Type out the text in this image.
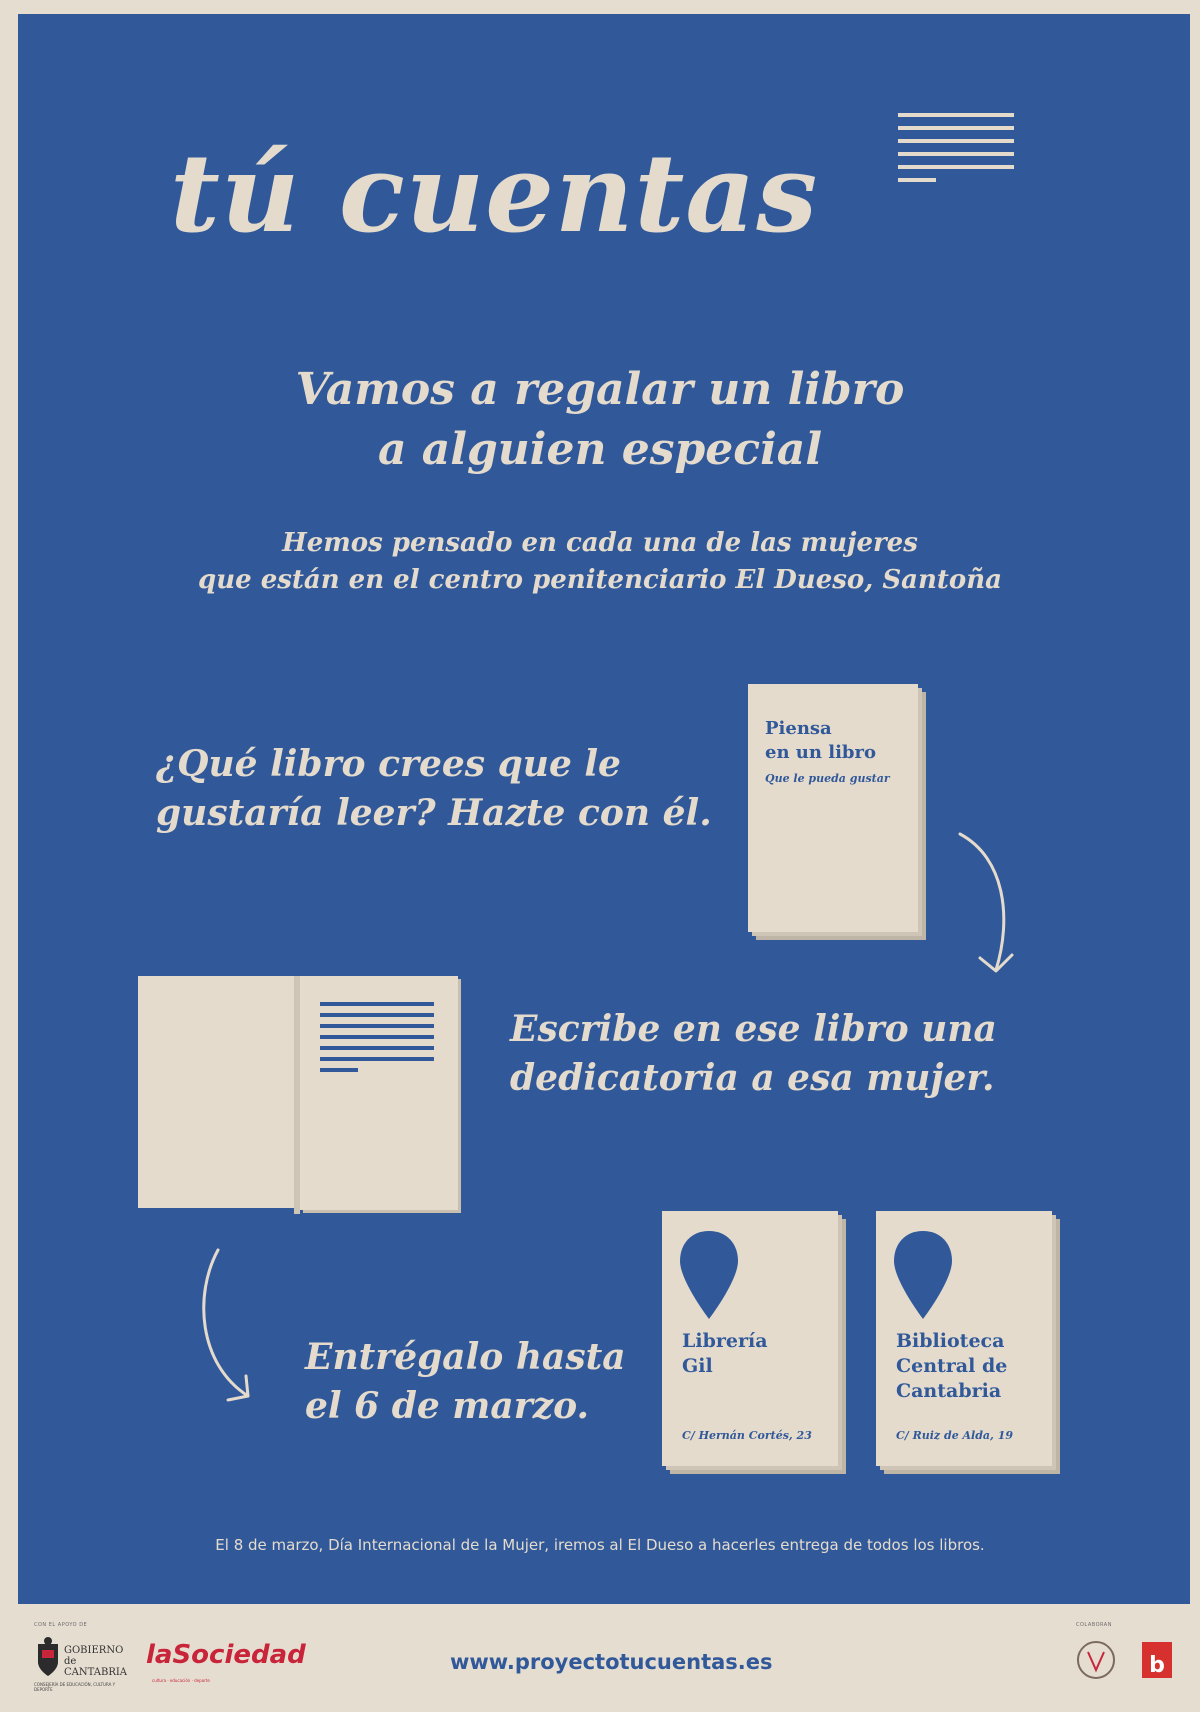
tú cuentas
Vamos a regalar un libro
a alguien especial
Hemos pensado en cada una de las mujeres
que están en el centro penitenciario El Dueso, Santoña
¿Qué libro crees que le
gustaría leer? Hazte con él.
Piensa
en un libro
Que le pueda gustar
Escribe en ese libro una
dedicatoria a esa mujer.
Entrégalo hasta
el 6 de marzo.
Librería
Gil
C/ Hernán Cortés, 23
Biblioteca
Central de
Cantabria
C/ Ruiz de Alda, 19
El 8 de marzo, Día Internacional de la Mujer, iremos al El Dueso a hacerles entrega de todos los libros.
CON EL APOYO DE
GOBIERNO
de
CANTABRIA
CONSEJERÍA DE EDUCACIÓN, CULTURA Y DEPORTE
laSociedad
cultura · educación · deporte
www.proyectotucuentas.es
COLABORAN
b
